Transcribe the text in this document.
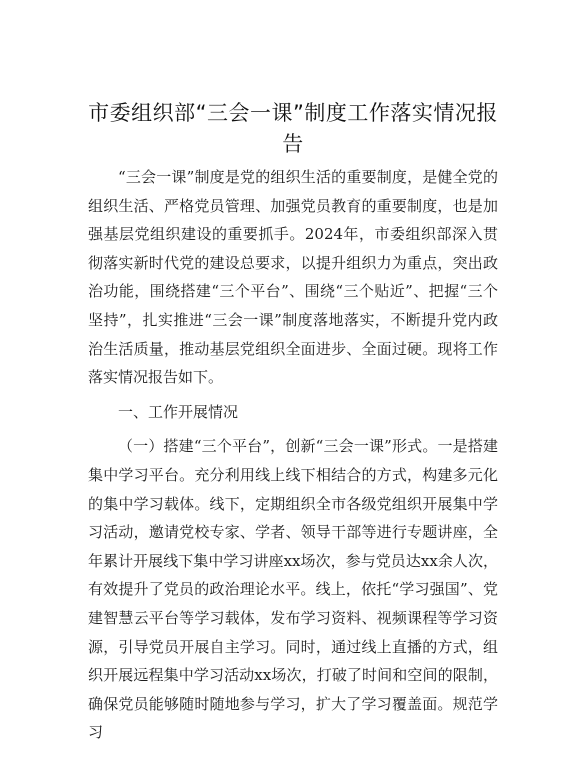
市委组织部“三会一课”制度工作落实情况报告

“三会一课”制度是党的组织生活的重要制度，是健全党的组织生活、严格党员管理、加强党员教育的重要制度，也是加强基层党组织建设的重要抓手。2024年，市委组织部深入贯彻落实新时代党的建设总要求，以提升组织力为重点，突出政治功能，围绕搭建“三个平台”、围绕“三个贴近”、把握“三个坚持”，扎实推进“三会一课”制度落地落实，不断提升党内政治生活质量，推动基层党组织全面进步、全面过硬。现将工作落实情况报告如下。

一、工作开展情况

（一）搭建“三个平台”，创新“三会一课”形式。一是搭建集中学习平台。充分利用线上线下相结合的方式，构建多元化的集中学习载体。线下，定期组织全市各级党组织开展集中学习活动，邀请党校专家、学者、领导干部等进行专题讲座，全年累计开展线下集中学习讲座xx场次，参与党员达xx余人次，有效提升了党员的政治理论水平。线上，依托“学习强国”、党建智慧云平台等学习载体，发布学习资料、视频课程等学习资源，引导党员开展自主学习。同时，通过线上直播的方式，组织开展远程集中学习活动xx场次，打破了时间和空间的限制，确保党员能够随时随地参与学习，扩大了学习覆盖面。规范学习
